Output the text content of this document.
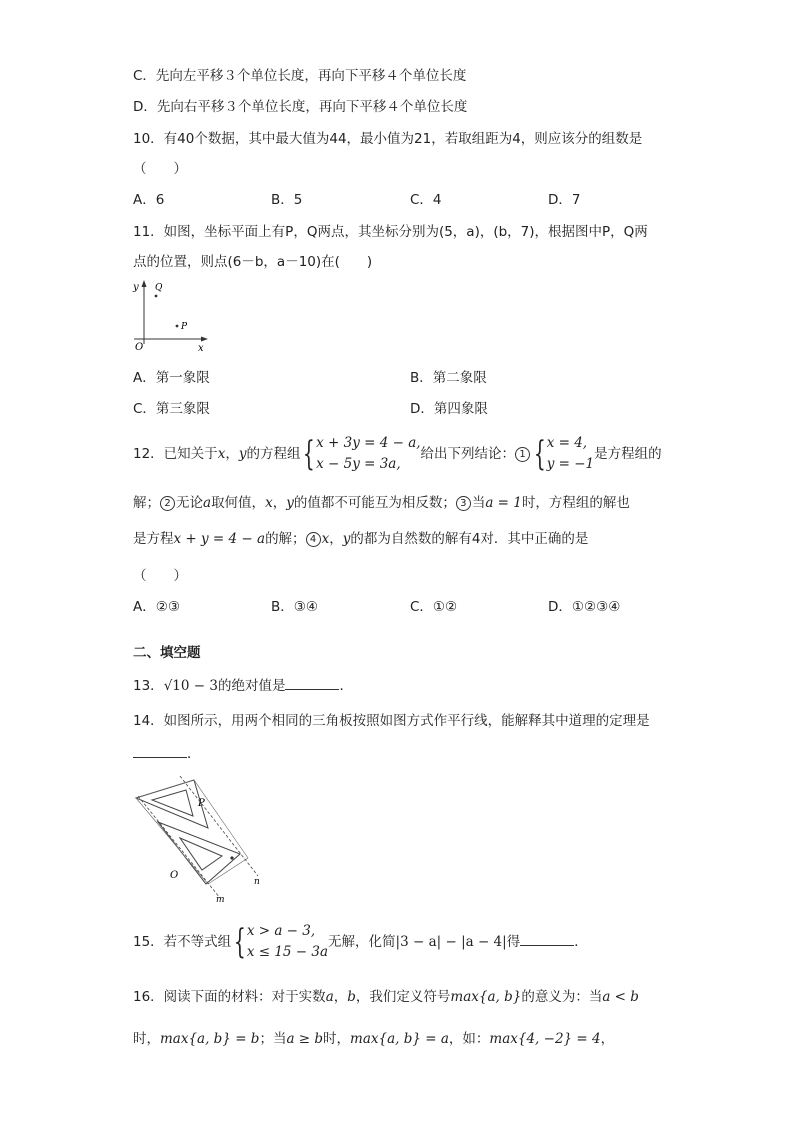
C．先向左平移３个单位长度，再向下平移４个单位长度
D．先向右平移３个单位长度，再向下平移４个单位长度
10．有40个数据，其中最大值为44，最小值为21，若取组距为4，则应该分的组数是
（　　）
A．6	B．5	C．4	D．7
11．如图，坐标平面上有P，Q两点，其坐标分别为(5，a)，(b，7)，根据图中P，Q两
点的位置，则点(6－b，a－10)在(　　)
y
x
O
Q
P
A．第一象限	B．第二象限
C．第三象限	D．第四象限
12．已知关于x，y的方程组{x + 3y = 4 − a,
x − 5y = 3a,给出下列结论： 1 {x = 4,
y = −1是方程组的
解； 2 无论a取何值，x，y的值都不可能互为相反数； 3 当a = 1时，方程组的解也
是方程x + y = 4 − a的解； 4 x，y的都为自然数的解有4对．其中正确的是
（　　）
A．②③	B．③④	C．①②	D．①②③④
二、填空题
13．√10 − 3的绝对值是	．
14．如图所示，用两个相同的三角板按照如图方式作平行线，能解释其中道理的定理是
．
P
O
n
m
15．若不等式组{x > a − 3,
x ≤ 15 − 3a无解，化简|3 − a| − |a − 4|得	．
16．阅读下面的材料：对于实数a，b，我们定义符号max{a, b}的意义为：当a < b
时，max{a, b} = b；当a ≥ b时，max{a, b} = a，如：max{4, −2} = 4，
